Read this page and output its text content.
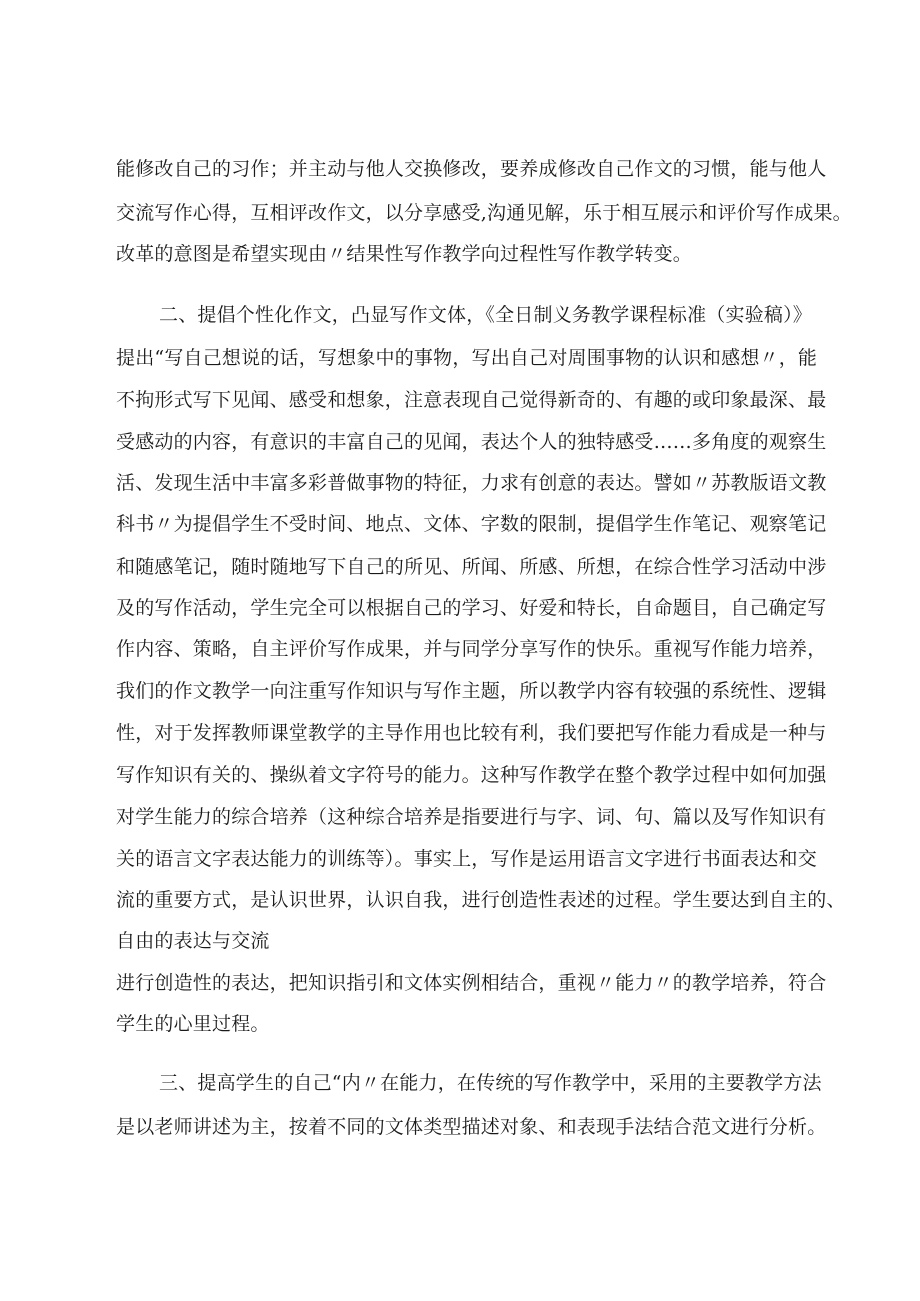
能修改自己的习作；并主动与他人交换修改，要养成修改自己作文的习惯，能与他人
交流写作心得，互相评改作文，以分享感受,沟通见解，乐于相互展示和评价写作成果。
改革的意图是希望实现由〃结果性写作教学向过程性写作教学转变。
二、提倡个性化作文，凸显写作文体，《全日制义务教学课程标准（实验稿）》
提出“写自己想说的话，写想象中的事物，写出自己对周围事物的认识和感想〃，能
不拘形式写下见闻、感受和想象，注意表现自己觉得新奇的、有趣的或印象最深、最
受感动的内容，有意识的丰富自己的见闻，表达个人的独特感受……多角度的观察生
活、发现生活中丰富多彩普做事物的特征，力求有创意的表达。譬如〃苏教版语文教
科书〃为提倡学生不受时间、地点、文体、字数的限制，提倡学生作笔记、观察笔记
和随感笔记，随时随地写下自己的所见、所闻、所感、所想，在综合性学习活动中涉
及的写作活动，学生完全可以根据自己的学习、好爱和特长，自命题目，自己确定写
作内容、策略，自主评价写作成果，并与同学分享写作的快乐。重视写作能力培养，
我们的作文教学一向注重写作知识与写作主题，所以教学内容有较强的系统性、逻辑
性，对于发挥教师课堂教学的主导作用也比较有利，我们要把写作能力看成是一种与
写作知识有关的、操纵着文字符号的能力。这种写作教学在整个教学过程中如何加强
对学生能力的综合培养（这种综合培养是指要进行与字、词、句、篇以及写作知识有
关的语言文字表达能力的训练等）。事实上，写作是运用语言文字进行书面表达和交
流的重要方式，是认识世界，认识自我，进行创造性表述的过程。学生要达到自主的、
自由的表达与交流
进行创造性的表达，把知识指引和文体实例相结合，重视〃能力〃的教学培养，符合
学生的心里过程。
三、提高学生的自己“内〃在能力，在传统的写作教学中，采用的主要教学方法
是以老师讲述为主，按着不同的文体类型描述对象、和表现手法结合范文进行分析。
